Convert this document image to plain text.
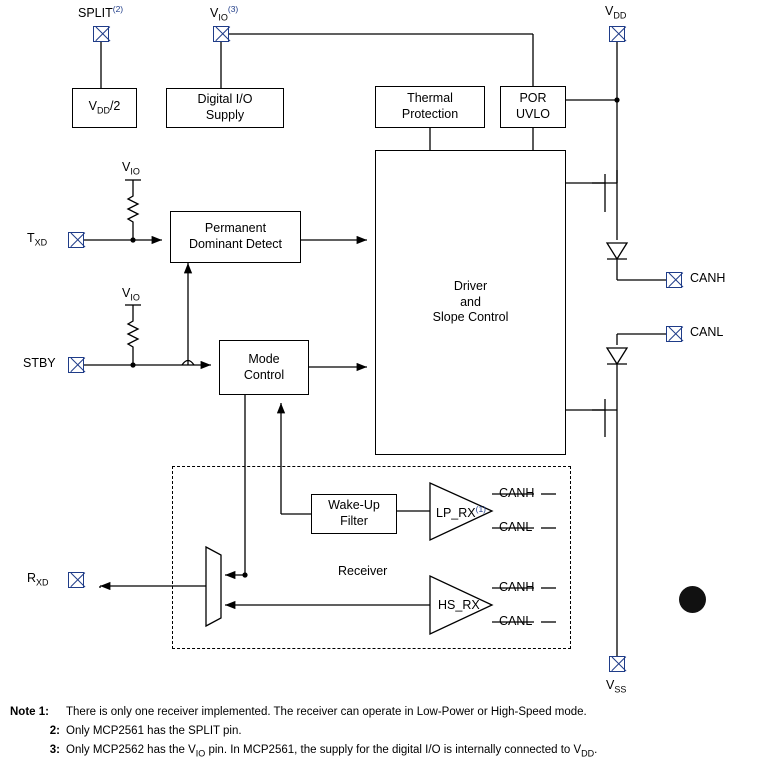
SPLIT$^{(2)}$	$V_{IO}^{(3)}$	$V_{DD}$
$T_{XD}$
STBY
$R_{XD}$
CANH
CANL
$V_{SS}$
$V_{DD}/2$	Digital I/O
Supply
Thermal
Protection
POR
UVLO
Permanent
Dominant Detect
Mode
Control
Driver
and
Slope Control
Wake-Up
Filter
Receiver
$V_{IO}$
$V_{IO}$
LP_RX$^{(1)}$
HS_RX
CANH
CANL
CANH
CANL
Note 1:	There is only one receiver implemented. The receiver can operate in Low-Power or High-Speed mode.
2: Only MCP2561 has the SPLIT pin.
3: Only MCP2562 has the $V_{IO}$ pin. In MCP2561, the supply for the digital I/O is internally connected to $V_{DD}$.
